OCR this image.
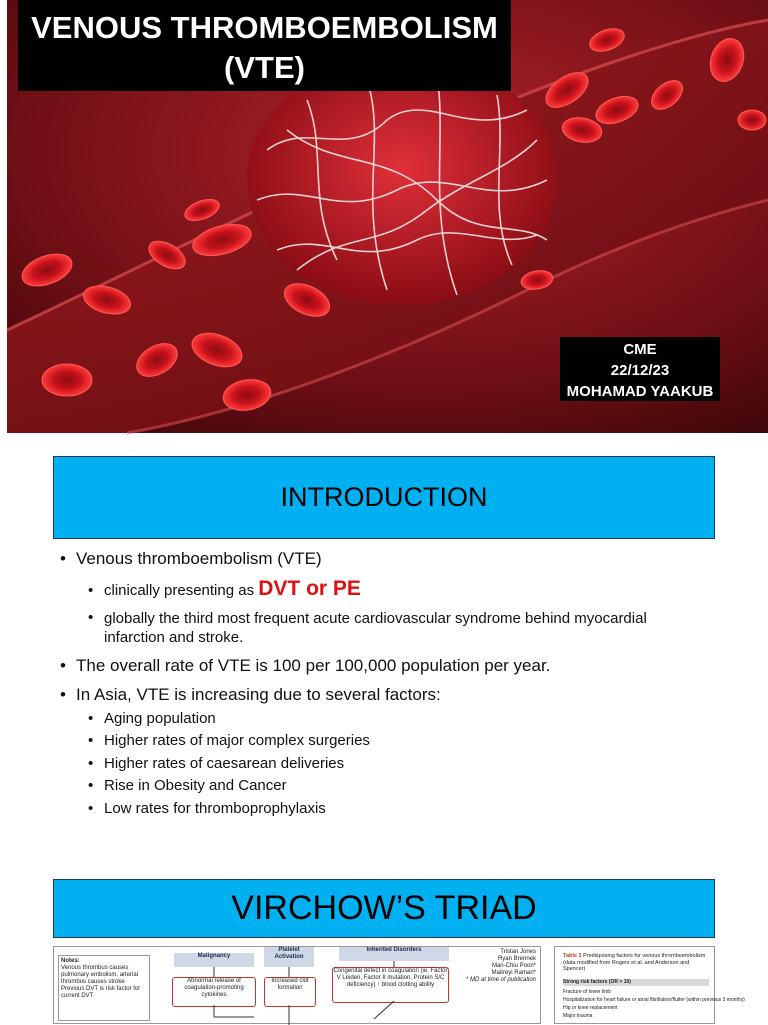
VENOUS THROMBOEMBOLISM
(VTE)
CME
22/12/23
MOHAMAD YAAKUB
INTRODUCTION
• Venous thromboembolism (VTE)
• clinically presenting as DVT or PE
• globally the third most frequent acute cardiovascular syndrome behind myocardial infarction and stroke.
• The overall rate of VTE is 100 per 100,000 population per year.
• In Asia, VTE is increasing due to several factors:
• Aging population
• Higher rates of major complex surgeries
• Higher rates of caesarean deliveries
• Rise in Obesity and Cancer
• Low rates for thromboprophylaxis
VIRCHOW’S TRIAD
Notes:
Venous thrombus causes pulmonary embolism, arterial thrombus causes stroke
Previous DVT is risk factor for current DVT
Malignancy
Platelet Activation
Inherited Disorders
Abnormal release of coagulation-promoting cytokines
Increased clot formation
Congenital defect in coagulation (ie. Factor V Leiden, Factor II mutation, Protein S/C deficiency) ↑ blood clotting ability
Tristan Jones
Ryan Brennek
Man-Chiu Poon*
Maitreyi Raman*
* MD at time of publication
Table 3 Predisposing factors for venous thromboembolism (data modified from Rogers et al. and Anderson and Spencer)
Strong risk factors (OR > 10)
Fracture of lower limb
Hospitalization for heart failure or atrial fibrillation/flutter (within previous 3 months)
Hip or knee replacement
Major trauma
